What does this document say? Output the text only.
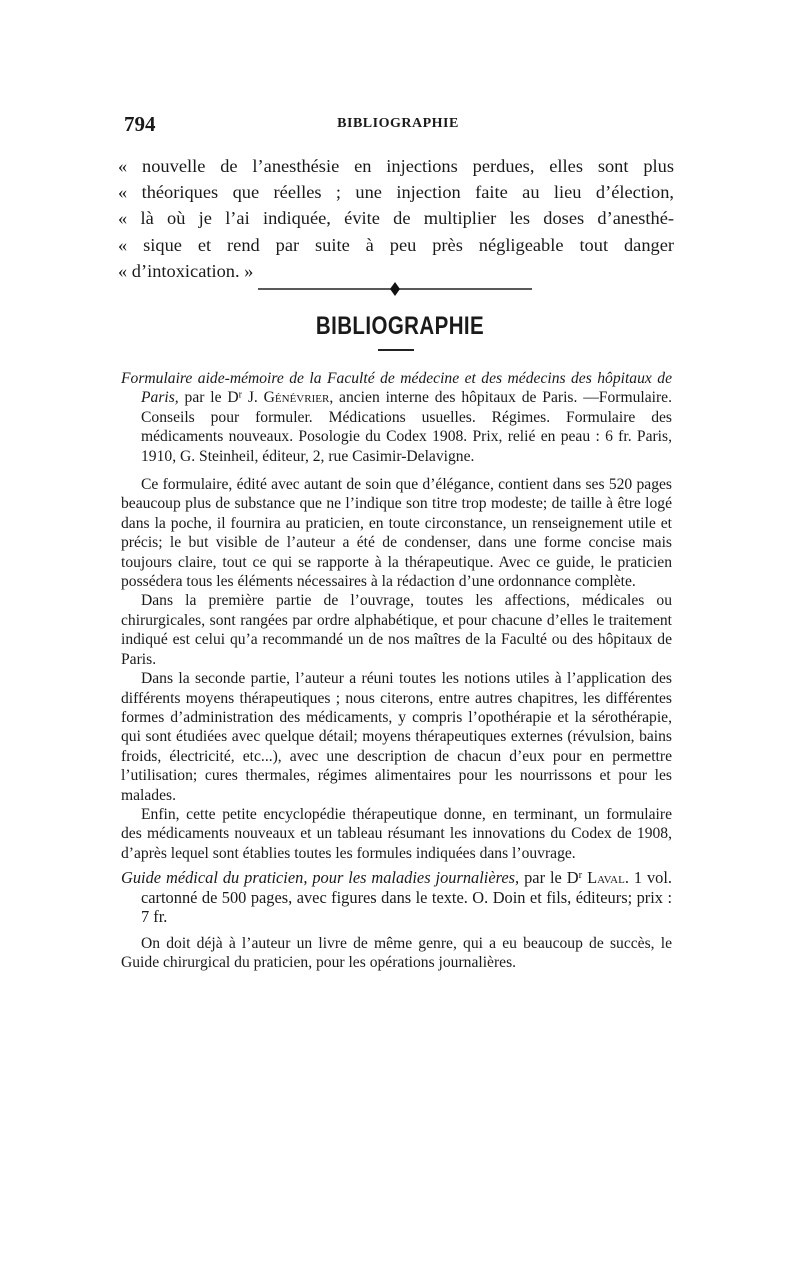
794	BIBLIOGRAPHIE
« nouvelle de l’anesthésie en injections perdues, elles sont plus
« théoriques que réelles ; une injection faite au lieu d’élection,
« là où je l’ai indiquée, évite de multiplier les doses d’anesthé-
« sique et rend par suite à peu près négligeable tout danger
« d’intoxication. »
BIBLIOGRAPHIE

Formulaire aide-mémoire de la Faculté de médecine et des médecins des hôpitaux de Paris, par le $D^r$ J. Génévrier, ancien interne des hôpitaux de Paris. —Formulaire. Conseils pour formuler. Médications usuelles. Régimes. Formulaire des médicaments nouveaux. Posologie du Codex 1908. Prix, relié en peau : 6 fr. Paris, 1910, G. Steinheil, éditeur, 2, rue Casimir-Delavigne.

Ce formulaire, édité avec autant de soin que d’élégance, contient dans ses 520 pages beaucoup plus de substance que ne l’indique son titre trop modeste; de taille à être logé dans la poche, il fournira au praticien, en toute circonstance, un renseignement utile et précis; le but visible de l’auteur a été de condenser, dans une forme concise mais toujours claire, tout ce qui se rapporte à la thérapeutique. Avec ce guide, le praticien possédera tous les éléments nécessaires à la rédaction d’une ordonnance complète.

Dans la première partie de l’ouvrage, toutes les affections, médicales ou chirurgicales, sont rangées par ordre alphabétique, et pour chacune d’elles le traitement indiqué est celui qu’a recommandé un de nos maîtres de la Faculté ou des hôpitaux de Paris.

Dans la seconde partie, l’auteur a réuni toutes les notions utiles à l’application des différents moyens thérapeutiques ; nous citerons, entre autres chapitres, les différentes formes d’administration des médicaments, y compris l’opothérapie et la sérothérapie, qui sont étudiées avec quelque détail; moyens thérapeutiques externes (révulsion, bains froids, électricité, etc...), avec une description de chacun d’eux pour en permettre l’utilisation; cures thermales, régimes alimentaires pour les nourrissons et pour les malades.

Enfin, cette petite encyclopédie thérapeutique donne, en terminant, un formulaire des médicaments nouveaux et un tableau résumant les innovations du Codex de 1908, d’après lequel sont établies toutes les formules indiquées dans l’ouvrage.

Guide médical du praticien, pour les maladies journalières, par le $D^r$ Laval. 1 vol. cartonné de 500 pages, avec figures dans le texte. O. Doin et fils, éditeurs; prix : 7 fr.

On doit déjà à l’auteur un livre de même genre, qui a eu beaucoup de succès, le Guide chirurgical du praticien, pour les opérations journalières.
